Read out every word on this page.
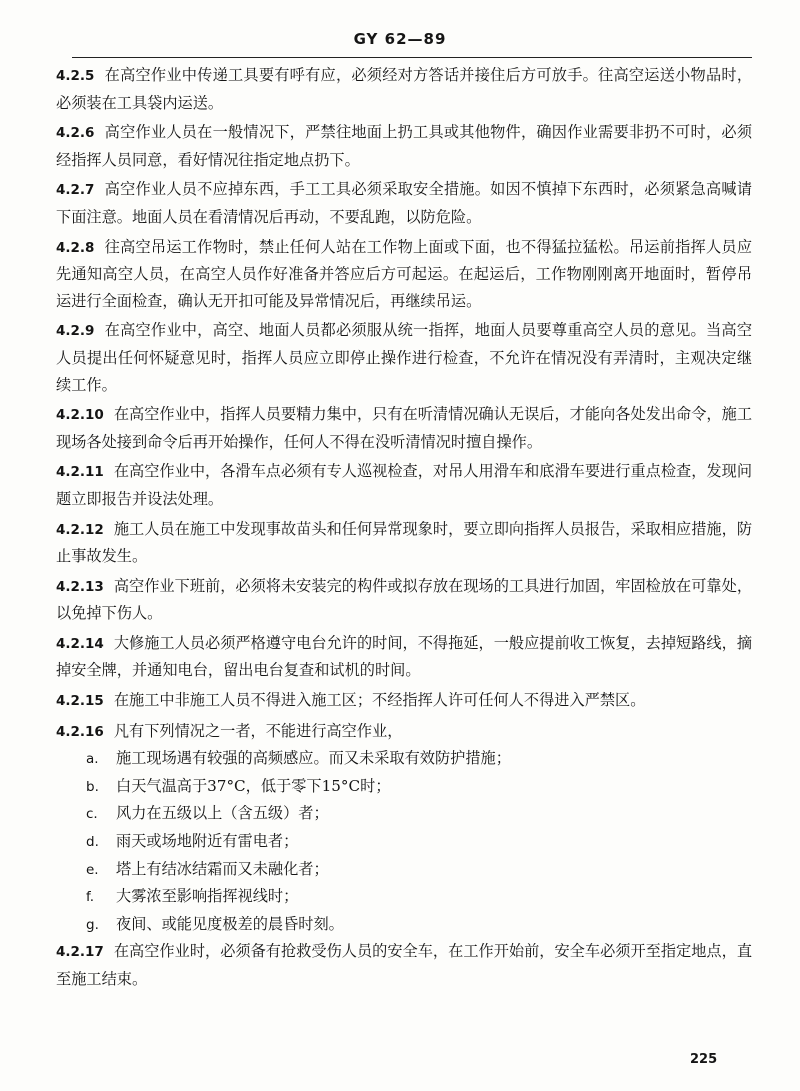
GY 62—89

4.2.5 在高空作业中传递工具要有呼有应，必须经对方答话并接住后方可放手。往高空运送小物品时，必须装在工具袋内运送。

4.2.6 高空作业人员在一般情况下，严禁往地面上扔工具或其他物件，确因作业需要非扔不可时，必须经指挥人员同意，看好情况往指定地点扔下。

4.2.7 高空作业人员不应掉东西，手工工具必须采取安全措施。如因不慎掉下东西时，必须紧急高喊请下面注意。地面人员在看清情况后再动，不要乱跑，以防危险。

4.2.8 往高空吊运工作物时，禁止任何人站在工作物上面或下面，也不得猛拉猛松。吊运前指挥人员应先通知高空人员，在高空人员作好准备并答应后方可起运。在起运后，工作物刚刚离开地面时，暂停吊运进行全面检查，确认无开扣可能及异常情况后，再继续吊运。

4.2.9 在高空作业中，高空、地面人员都必须服从统一指挥，地面人员要尊重高空人员的意见。当高空人员提出任何怀疑意见时，指挥人员应立即停止操作进行检查，不允许在情况没有弄清时，主观决定继续工作。

4.2.10 在高空作业中，指挥人员要精力集中，只有在听清情况确认无误后，才能向各处发出命令，施工现场各处接到命令后再开始操作，任何人不得在没听清情况时擅自操作。

4.2.11 在高空作业中，各滑车点必须有专人巡视检查，对吊人用滑车和底滑车要进行重点检查，发现问题立即报告并设法处理。

4.2.12 施工人员在施工中发现事故苗头和任何异常现象时，要立即向指挥人员报告，采取相应措施，防止事故发生。

4.2.13 高空作业下班前，必须将未安装完的构件或拟存放在现场的工具进行加固，牢固检放在可靠处，以免掉下伤人。

4.2.14 大修施工人员必须严格遵守电台允许的时间，不得拖延，一般应提前收工恢复，去掉短路线，摘掉安全牌，并通知电台，留出电台复查和试机的时间。

4.2.15 在施工中非施工人员不得进入施工区；不经指挥人许可任何人不得进入严禁区。

4.2.16 凡有下列情况之一者，不能进行高空作业，

a. 施工现场遇有较强的高频感应。而又未采取有效防护措施；
b. 白天气温高于37°C，低于零下15°C时；
c. 风力在五级以上（含五级）者；
d. 雨天或场地附近有雷电者；
e. 塔上有结冰结霜而又未融化者；
f. 大雾浓至影响指挥视线时；
g. 夜间、或能见度极差的晨昏时刻。

4.2.17 在高空作业时，必须备有抢救受伤人员的安全车，在工作开始前，安全车必须开至指定地点，直至施工结束。

225
